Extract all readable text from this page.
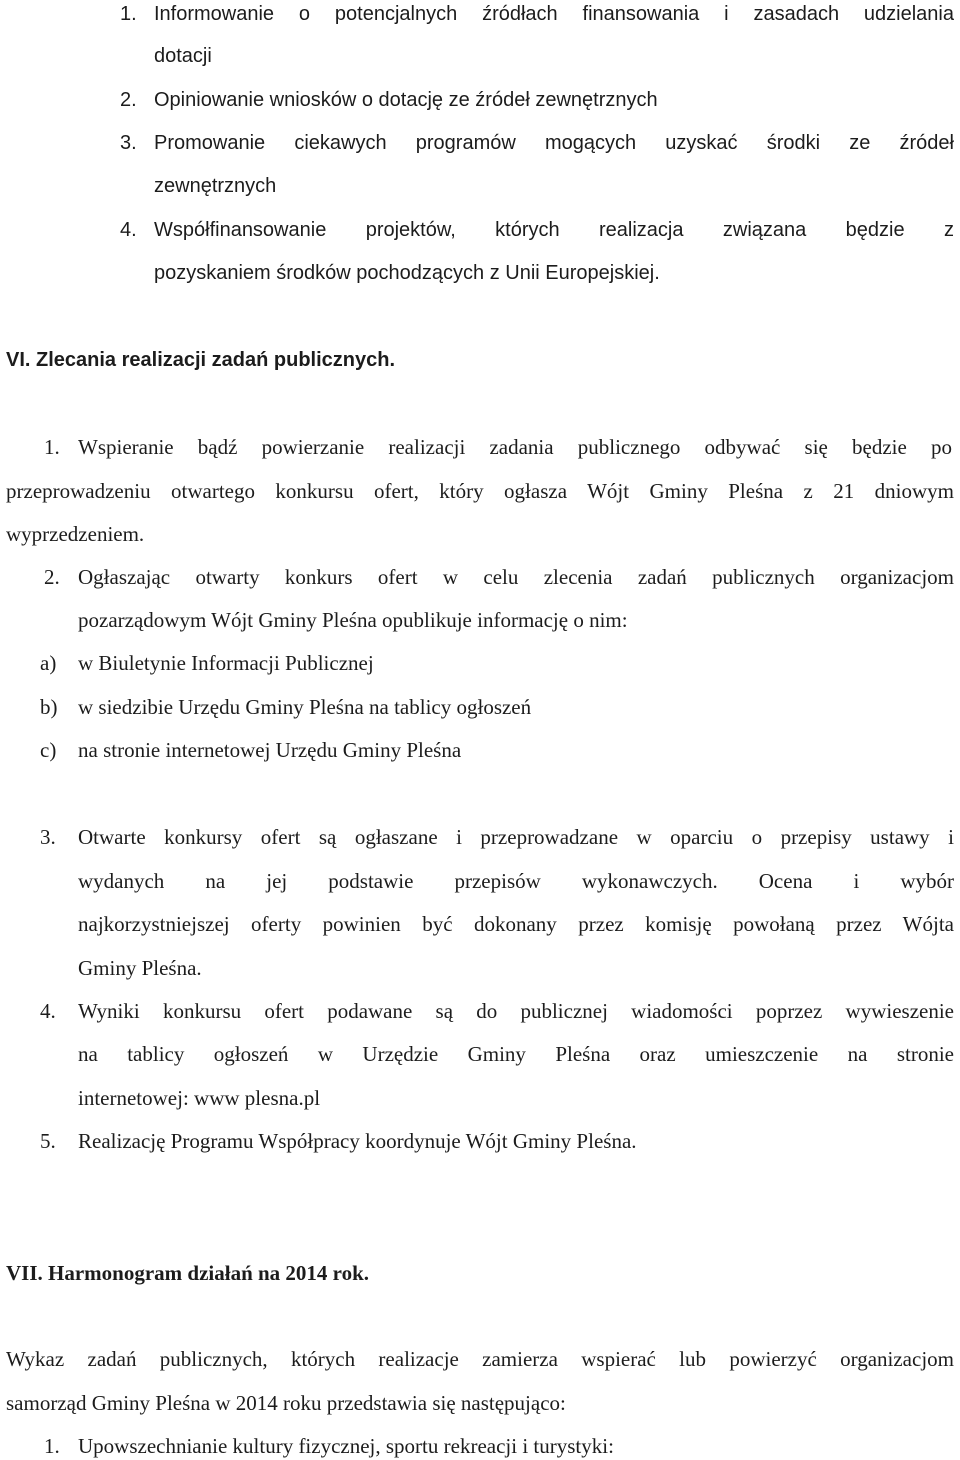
1. Informowanie o potencjalnych źródłach finansowania i zasadach udzielania
dotacji
2. Opiniowanie wniosków o dotację ze źródeł zewnętrznych
3. Promowanie ciekawych programów mogących uzyskać środki ze źródeł
zewnętrznych
4. Współfinansowanie projektów, których realizacja związana będzie z
pozyskaniem środków pochodzących z Unii Europejskiej.
VI. Zlecania realizacji zadań publicznych.
1. Wspieranie bądź powierzanie realizacji zadania publicznego odbywać się będzie po
przeprowadzeniu otwartego konkursu ofert, który ogłasza Wójt Gminy Pleśna z 21 dniowym
wyprzedzeniem.
2. Ogłaszając otwarty konkurs ofert w celu zlecenia zadań publicznych organizacjom
pozarządowym Wójt Gminy Pleśna opublikuje informację o nim:
a) w Biuletynie Informacji Publicznej
b) w siedzibie Urzędu Gminy Pleśna na tablicy ogłoszeń
c) na stronie internetowej Urzędu Gminy Pleśna
3. Otwarte konkursy ofert są ogłaszane i przeprowadzane w oparciu o przepisy ustawy i
wydanych na jej podstawie przepisów wykonawczych. Ocena i wybór
najkorzystniejszej oferty powinien być dokonany przez komisję powołaną przez Wójta
Gminy Pleśna.
4. Wyniki konkursu ofert podawane są do publicznej wiadomości poprzez wywieszenie
na tablicy ogłoszeń w Urzędzie Gminy Pleśna oraz umieszczenie na stronie
internetowej: www plesna.pl
5. Realizację Programu Współpracy koordynuje Wójt Gminy Pleśna.
VII. Harmonogram działań na 2014 rok.
Wykaz zadań publicznych, których realizacje zamierza wspierać lub powierzyć organizacjom
samorząd Gminy Pleśna w 2014 roku przedstawia się następująco:
1. Upowszechnianie kultury fizycznej, sportu rekreacji i turystyki:
